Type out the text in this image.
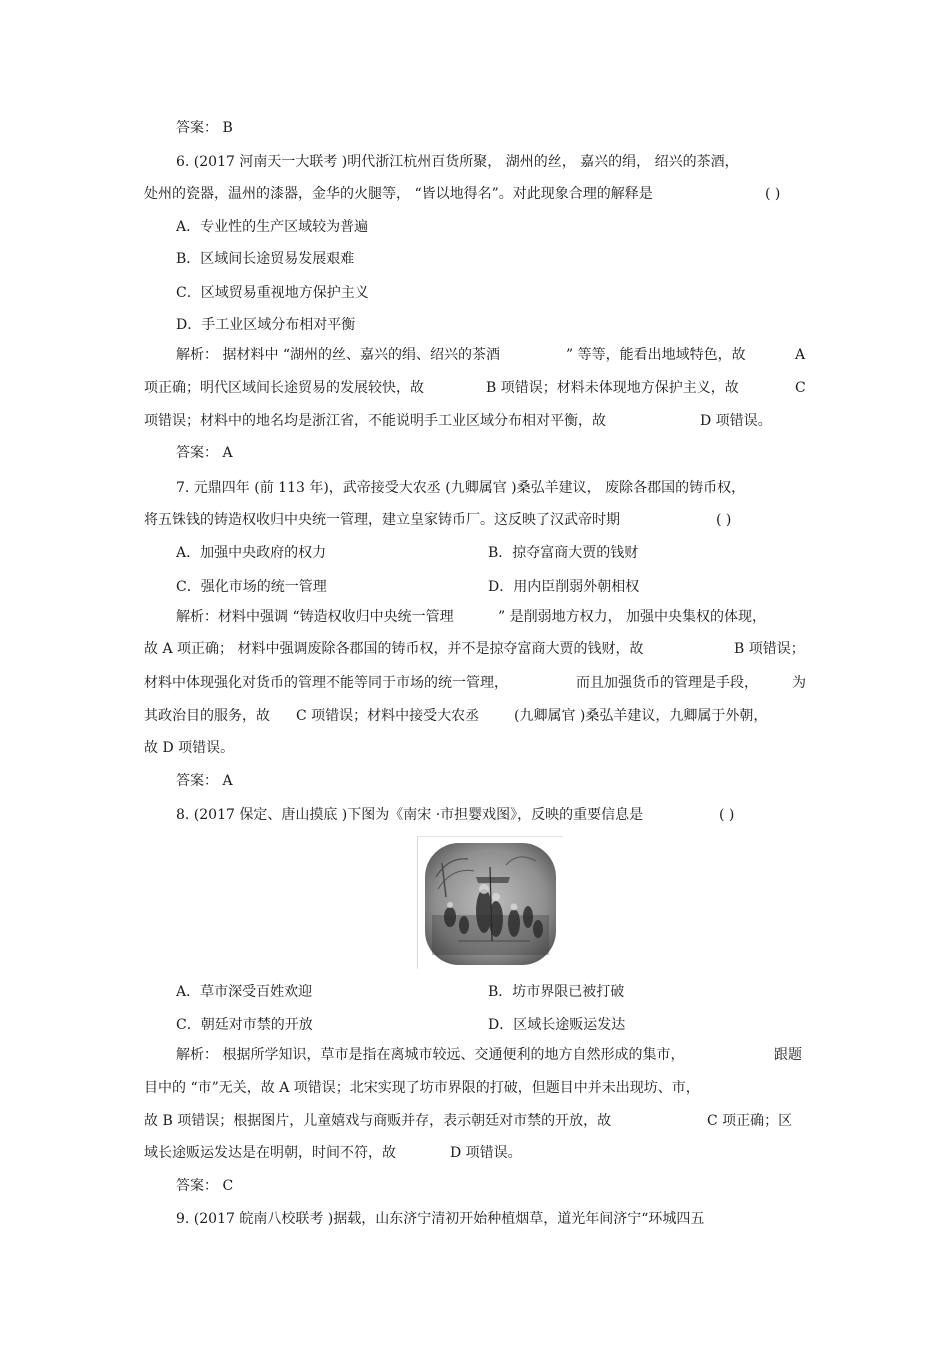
答案： B
6. (2017 河南天一大联考 )明代浙江杭州百货所聚， 湖州的丝， 嘉兴的绢， 绍兴的茶酒，
处州的瓷器，温州的漆器，金华的火腿等， “皆以地得名”。对此现象合理的解释是	( )
A．专业性的生产区域较为普遍
B．区域间长途贸易发展艰难
C．区域贸易重视地方保护主义
D．手工业区域分布相对平衡
解析： 据材料中 “湖州的丝、嘉兴的绢、绍兴的茶酒	” 等等，能看出地域特色，故	A
项正确；明代区域间长途贸易的发展较快，故	B 项错误；材料未体现地方保护主义，故	C
项错误；材料中的地名均是浙江省，不能说明手工业区域分布相对平衡，故	D 项错误。
答案： A
7. 元鼎四年 (前 113 年)，武帝接受大农丞 (九卿属官 )桑弘羊建议， 废除各郡国的铸币权，
将五铢钱的铸造权收归中央统一管理，建立皇家铸币厂。这反映了汉武帝时期	( )
A．加强中央政府的权力	B．掠夺富商大贾的钱财
C．强化市场的统一管理	D．用内臣削弱外朝相权
解析：材料中强调 “铸造权收归中央统一管理	” 是削弱地方权力， 加强中央集权的体现，
故 A 项正确； 材料中强调废除各郡国的铸币权，并不是掠夺富商大贾的钱财，故	B 项错误；
材料中体现强化对货币的管理不能等同于市场的统一管理，	而且加强货币的管理是手段， 为
其政治目的服务，故 C 项错误；材料中接受大农丞 (九卿属官 )桑弘羊建议，九卿属于外朝，
故 D 项错误。
答案： A
8. (2017 保定、唐山摸底 )下图为《南宋 ·市担婴戏图》，反映的重要信息是	( )
A．草市深受百姓欢迎	B．坊市界限已被打破
C．朝廷对市禁的开放	D．区域长途贩运发达
解析： 根据所学知识，草市是指在离城市较远、交通便利的地方自然形成的集市，	跟题
目中的 “市”无关，故 A 项错误；北宋实现了坊市界限的打破，但题目中并未出现坊、市，
故 B 项错误；根据图片，儿童嬉戏与商贩并存，表示朝廷对市禁的开放，故	C 项正确；区
域长途贩运发达是在明朝，时间不符，故	D 项错误。
答案： C
9. (2017 皖南八校联考 )据载，山东济宁清初开始种植烟草，道光年间济宁“环城四五
